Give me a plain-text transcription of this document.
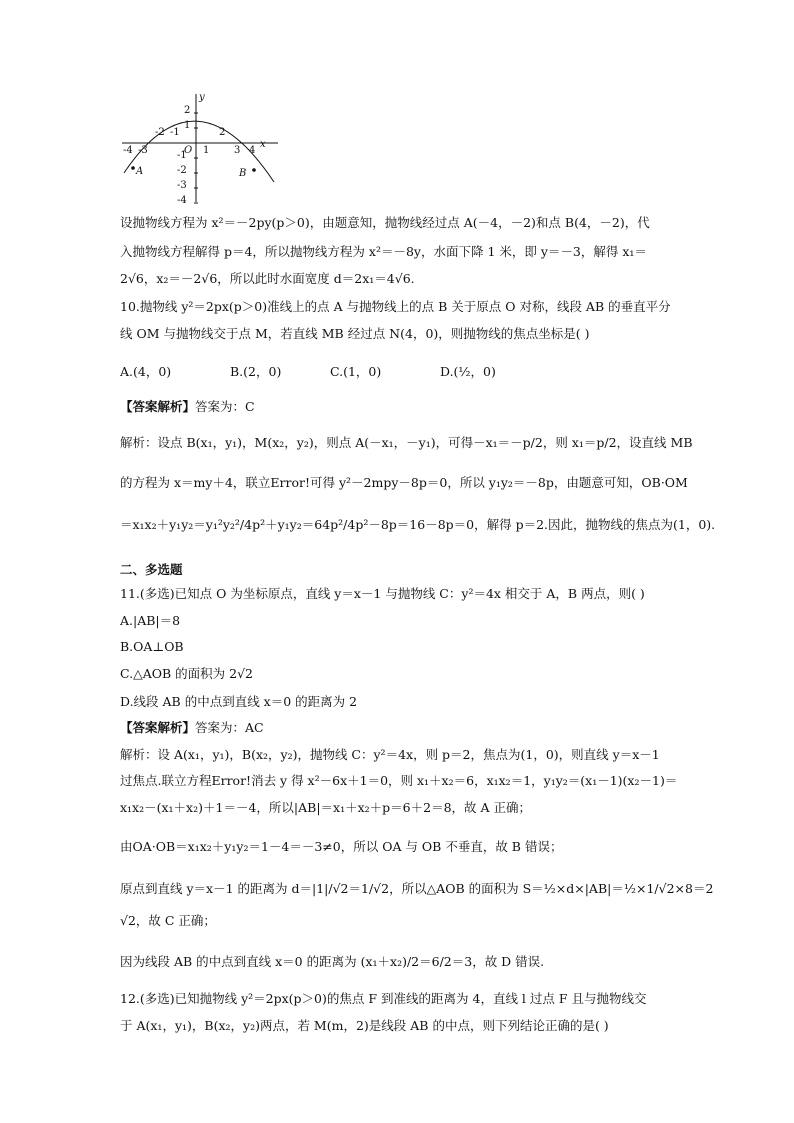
-4 -3
-2 -1
O 1
2
3 4
x
y
2
1
-1
-2
-3
-4
A	B
设抛物线方程为 x²＝－2py(p＞0)，由题意知，抛物线经过点 A(－4，－2)和点 B(4，－2)，代
入抛物线方程解得 p＝4，所以抛物线方程为 x²＝－8y，水面下降 1 米，即 y＝－3，解得 x₁＝
2√6，x₂＝－2√6，所以此时水面宽度 d＝2x₁＝4√6.
10.抛物线 y²＝2px(p＞0)准线上的点 A 与抛物线上的点 B 关于原点 O 对称，线段 AB 的垂直平分
线 OM 与抛物线交于点 M，若直线 MB 经过点 N(4，0)，则抛物线的焦点坐标是( )
A.(4，0)	B.(2，0)	C.(1，0)	D.(½，0)
【答案解析】答案为：C
解析：设点 B(x₁，y₁)，M(x₂，y₂)，则点 A(－x₁，－y₁)，可得－x₁＝－p/2，则 x₁＝p/2，设直线 MB
的方程为 x＝my＋4，联立Error!可得 y²－2mpy－8p＝0，所以 y₁y₂＝－8p，由题意可知，OB·OM
＝x₁x₂＋y₁y₂＝y₁²y₂²/4p²＋y₁y₂＝64p²/4p²－8p＝16－8p＝0，解得 p＝2.因此，抛物线的焦点为(1，0).
二、多选题
11.(多选)已知点 O 为坐标原点，直线 y＝x－1 与抛物线 C：y²＝4x 相交于 A，B 两点，则( )
A.|AB|＝8
B.OA⊥OB
C.△AOB 的面积为 2√2
D.线段 AB 的中点到直线 x＝0 的距离为 2
【答案解析】答案为：AC
解析：设 A(x₁，y₁)，B(x₂，y₂)，抛物线 C：y²＝4x，则 p＝2，焦点为(1，0)，则直线 y＝x－1
过焦点.联立方程Error!消去 y 得 x²－6x＋1＝0，则 x₁＋x₂＝6，x₁x₂＝1，y₁y₂＝(x₁－1)(x₂－1)＝
x₁x₂－(x₁＋x₂)＋1＝－4，所以|AB|＝x₁＋x₂＋p＝6＋2＝8，故 A 正确；
由OA·OB＝x₁x₂＋y₁y₂＝1－4＝－3≠0，所以 OA 与 OB 不垂直，故 B 错误；
原点到直线 y＝x－1 的距离为 d＝|1|/√2＝1/√2，所以△AOB 的面积为 S＝½×d×|AB|＝½×1/√2×8＝2
√2，故 C 正确；
因为线段 AB 的中点到直线 x＝0 的距离为 (x₁＋x₂)/2＝6/2＝3，故 D 错误.
12.(多选)已知抛物线 y²＝2px(p＞0)的焦点 F 到准线的距离为 4，直线 l 过点 F 且与抛物线交
于 A(x₁，y₁)，B(x₂，y₂)两点，若 M(m，2)是线段 AB 的中点，则下列结论正确的是( )
